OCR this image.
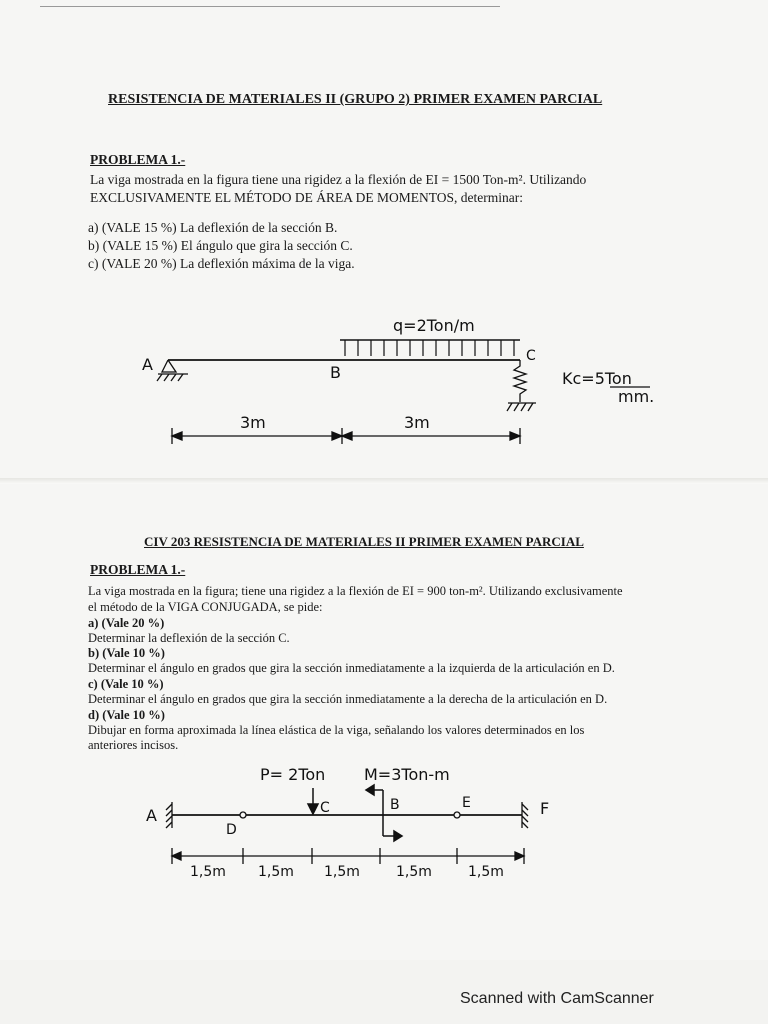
RESISTENCIA DE MATERIALES II (GRUPO 2) PRIMER EXAMEN PARCIAL
PROBLEMA 1.-
La viga mostrada en la figura tiene una rigidez a la flexión de EI = 1500 Ton-m². Utilizando
EXCLUSIVAMENTE EL MÉTODO DE ÁREA DE MOMENTOS, determinar:
a) (VALE 15 %) La deflexión de la sección B.
b) (VALE 15 %) El ángulo que gira la sección C.
c) (VALE 20 %) La deflexión máxima de la viga.
q=2Ton/m
A	B
C
Kc=5Ton
mm.
3m	3m
CIV 203 RESISTENCIA DE MATERIALES II PRIMER EXAMEN PARCIAL
PROBLEMA 1.-
La viga mostrada en la figura; tiene una rigidez a la flexión de EI = 900 ton-m². Utilizando exclusivamente
el método de la VIGA CONJUGADA, se pide:
a) (Vale 20 %)
Determinar la deflexión de la sección C.
b) (Vale 10 %)
Determinar el ángulo en grados que gira la sección inmediatamente a la izquierda de la articulación en D.
c) (Vale 10 %)
Determinar el ángulo en grados que gira la sección inmediatamente a la derecha de la articulación en D.
d) (Vale 10 %)
Dibujar en forma aproximada la línea elástica de la viga, señalando los valores determinados en los
anteriores incisos.
P= 2Ton M=3Ton-m
A
D
C	B	E	F
1,5m 1,5m 1,5m	1,5m	1,5m
Scanned with CamScanner
